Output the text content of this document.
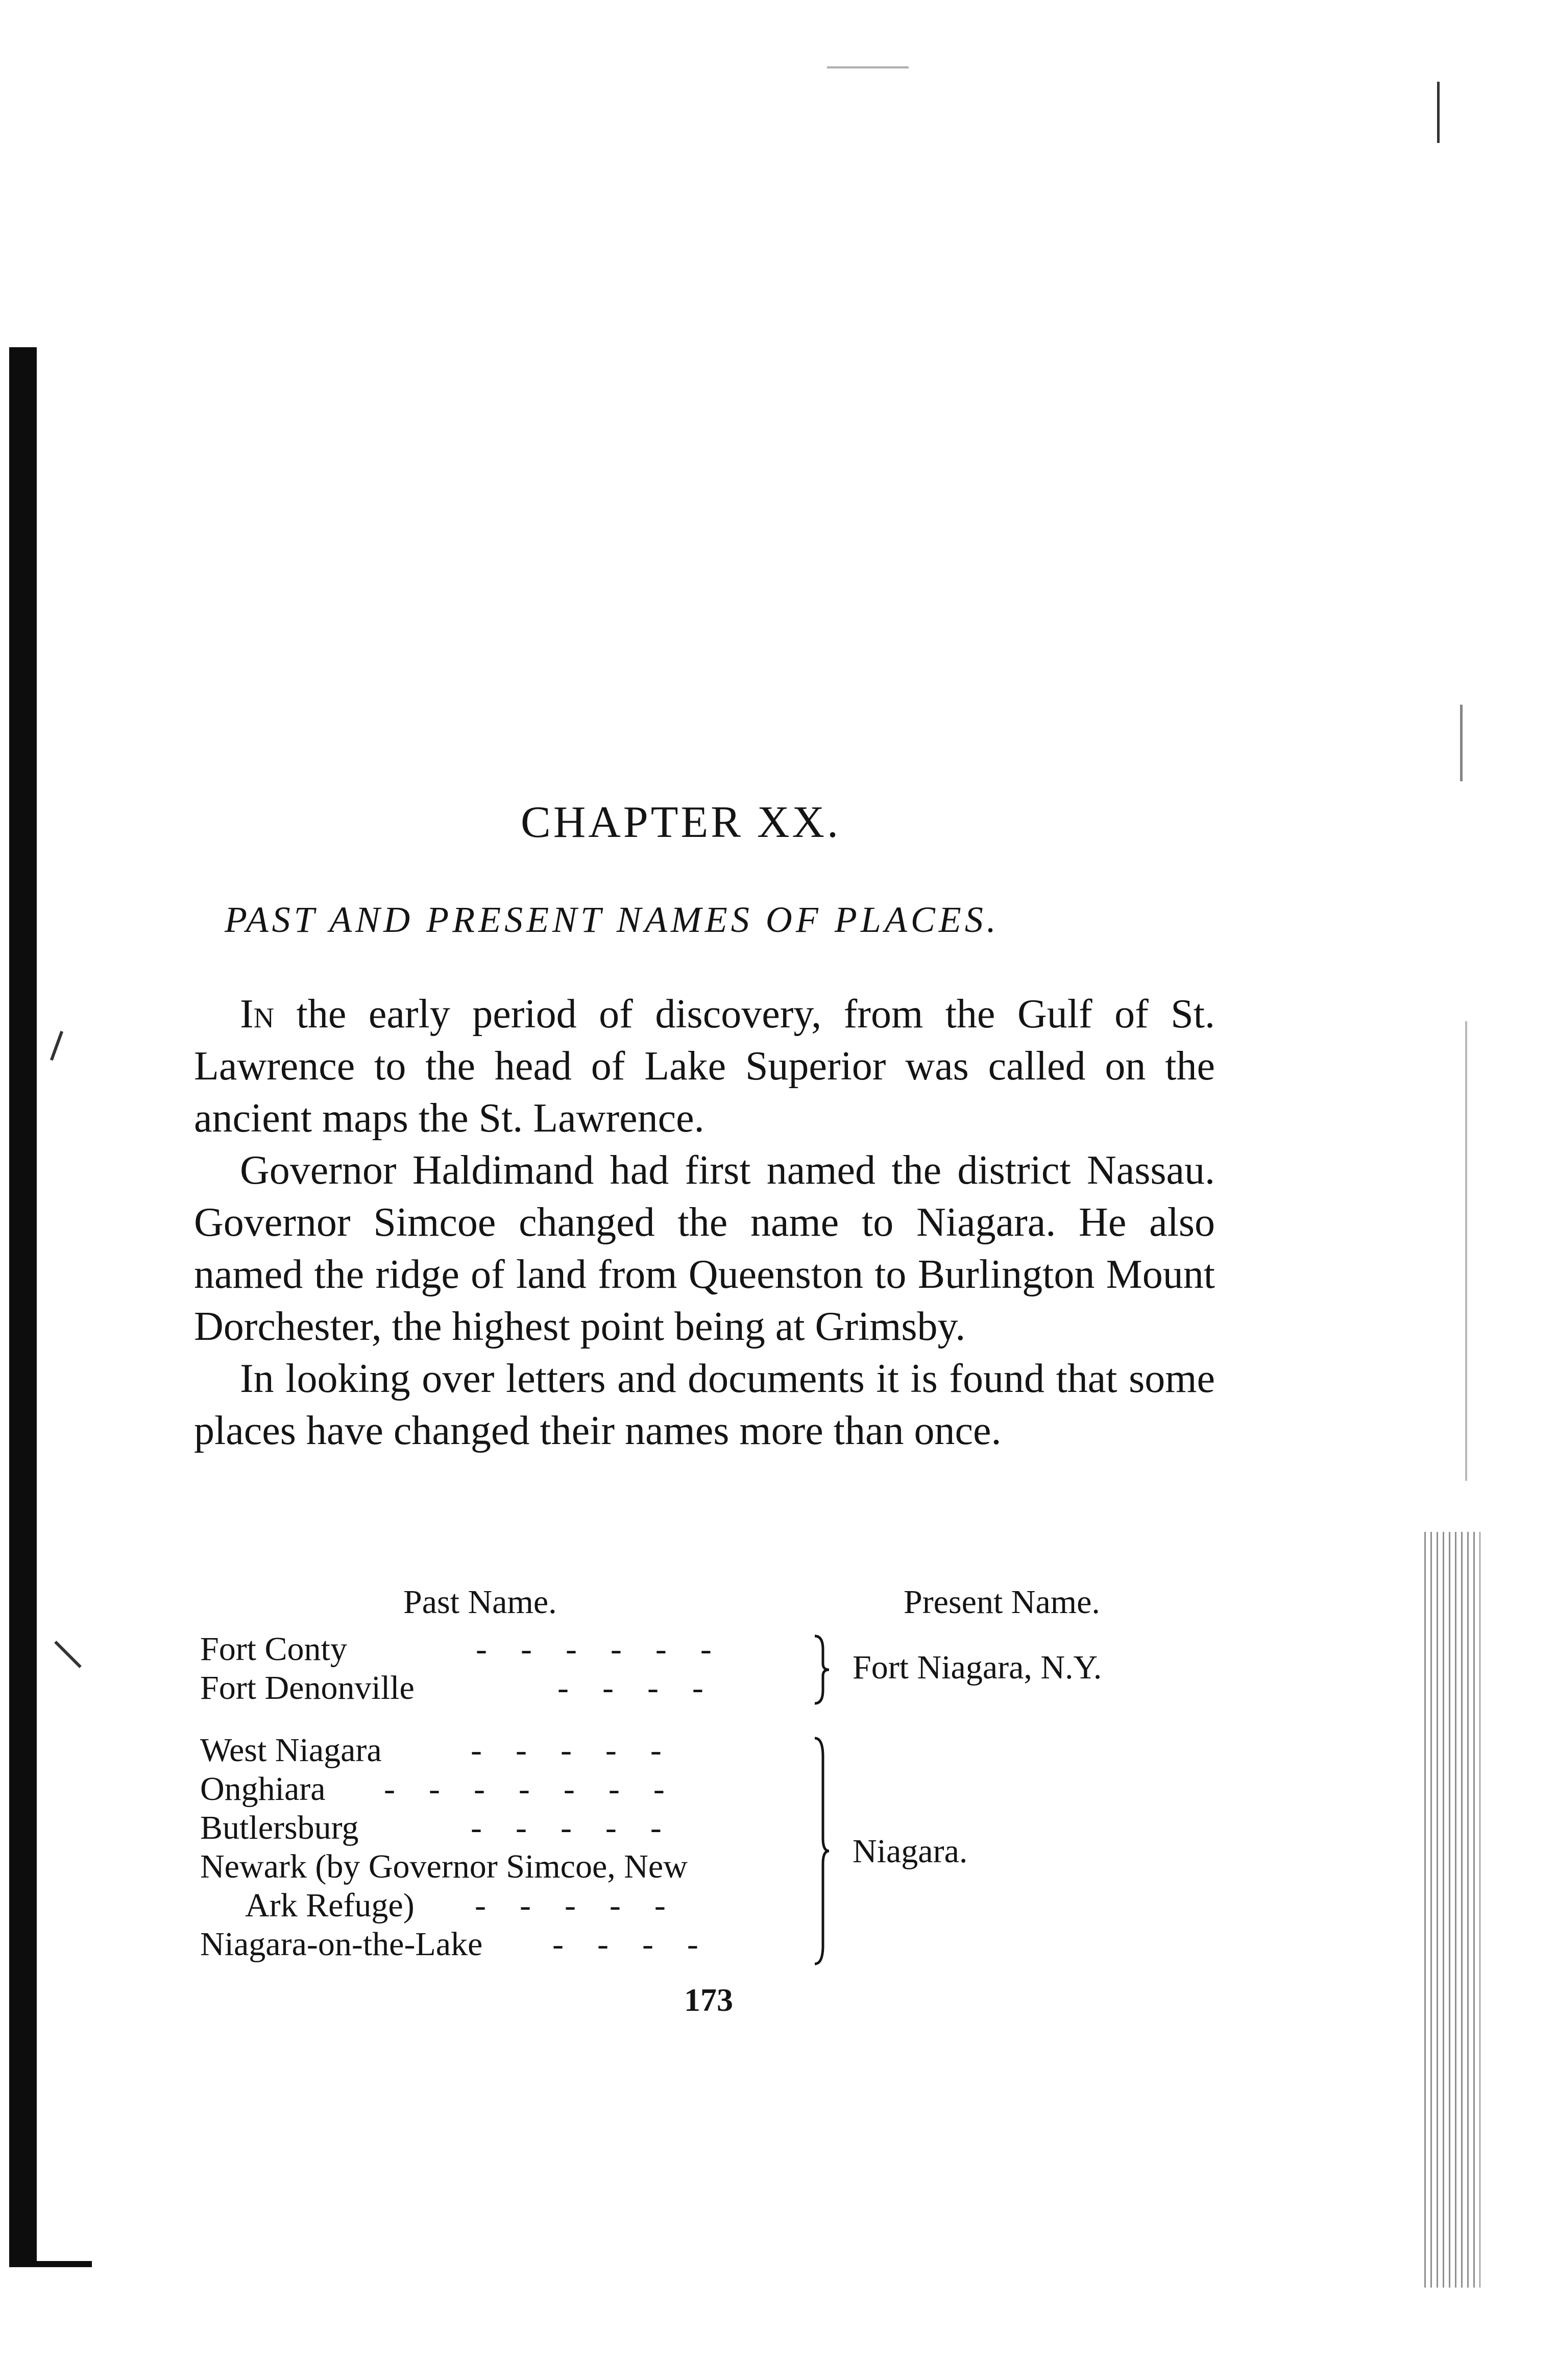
CHAPTER XX.
PAST AND PRESENT NAMES OF PLACES.

In the early period of discovery, from the Gulf of St. Lawrence to the head of Lake Superior was called on the ancient maps the St. Lawrence.

Governor Haldimand had first named the district Nassau. Governor Simcoe changed the name to Niagara. He also named the ridge of land from Queenston to Burlington Mount Dorchester, the highest point being at Grimsby.

In looking over letters and documents it is found that some places have changed their names more than once.

Past Name.	Present Name.
Fort Conty	-    -    -    -    -    -
Fort Denonville	-    -    -    -
Fort Niagara, N.Y.
West Niagara	-    -    -    -    -
Onghiara -    -    -    -    -    -    -
Butlersburg	-    -    -    -    -
Newark (by Governor Simcoe, New
Ark Refuge) -    -    -    -    -
Niagara-on-the-Lake -    -    -    -
Niagara.
173
